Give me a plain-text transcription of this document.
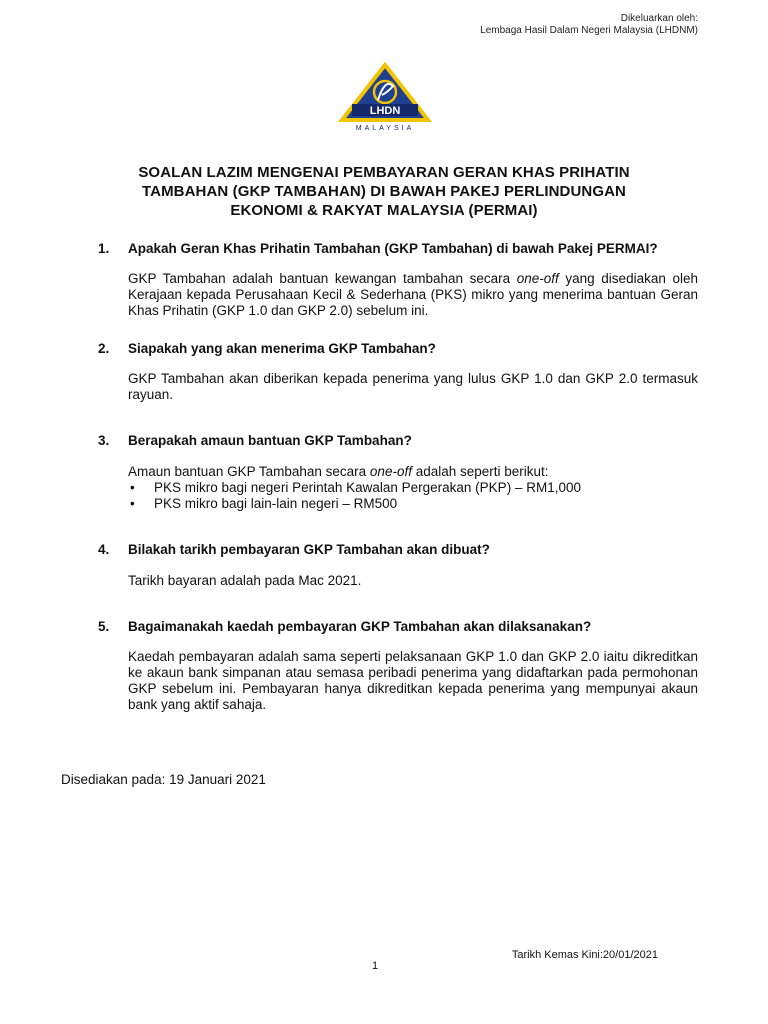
Dikeluarkan oleh:
Lembaga Hasil Dalam Negeri Malaysia (LHDNM)
LHDN
MALAYSIA
SOALAN LAZIM MENGENAI PEMBAYARAN GERAN KHAS PRIHATIN
TAMBAHAN (GKP TAMBAHAN) DI BAWAH PAKEJ PERLINDUNGAN
EKONOMI & RAKYAT MALAYSIA (PERMAI)
1. Apakah Geran Khas Prihatin Tambahan (GKP Tambahan) di bawah Pakej PERMAI?
GKP Tambahan adalah bantuan kewangan tambahan secara one-off yang disediakan oleh Kerajaan kepada Perusahaan Kecil & Sederhana (PKS) mikro yang menerima bantuan Geran Khas Prihatin (GKP 1.0 dan GKP 2.0) sebelum ini.
2. Siapakah yang akan menerima GKP Tambahan?
GKP Tambahan akan diberikan kepada penerima yang lulus GKP 1.0 dan GKP 2.0 termasuk rayuan.
3. Berapakah amaun bantuan GKP Tambahan?
Amaun bantuan GKP Tambahan secara one-off adalah seperti berikut:
• PKS mikro bagi negeri Perintah Kawalan Pergerakan (PKP) – RM1,000
• PKS mikro bagi lain-lain negeri – RM500
4. Bilakah tarikh pembayaran GKP Tambahan akan dibuat?
Tarikh bayaran adalah pada Mac 2021.
5. Bagaimanakah kaedah pembayaran GKP Tambahan akan dilaksanakan?
Kaedah pembayaran adalah sama seperti pelaksanaan GKP 1.0 dan GKP 2.0 iaitu dikreditkan ke akaun bank simpanan atau semasa peribadi penerima yang didaftarkan pada permohonan GKP sebelum ini. Pembayaran hanya dikreditkan kepada penerima yang mempunyai akaun bank yang aktif sahaja.
Disediakan pada: 19 Januari 2021
Tarikh Kemas Kini:20/01/2021
1
